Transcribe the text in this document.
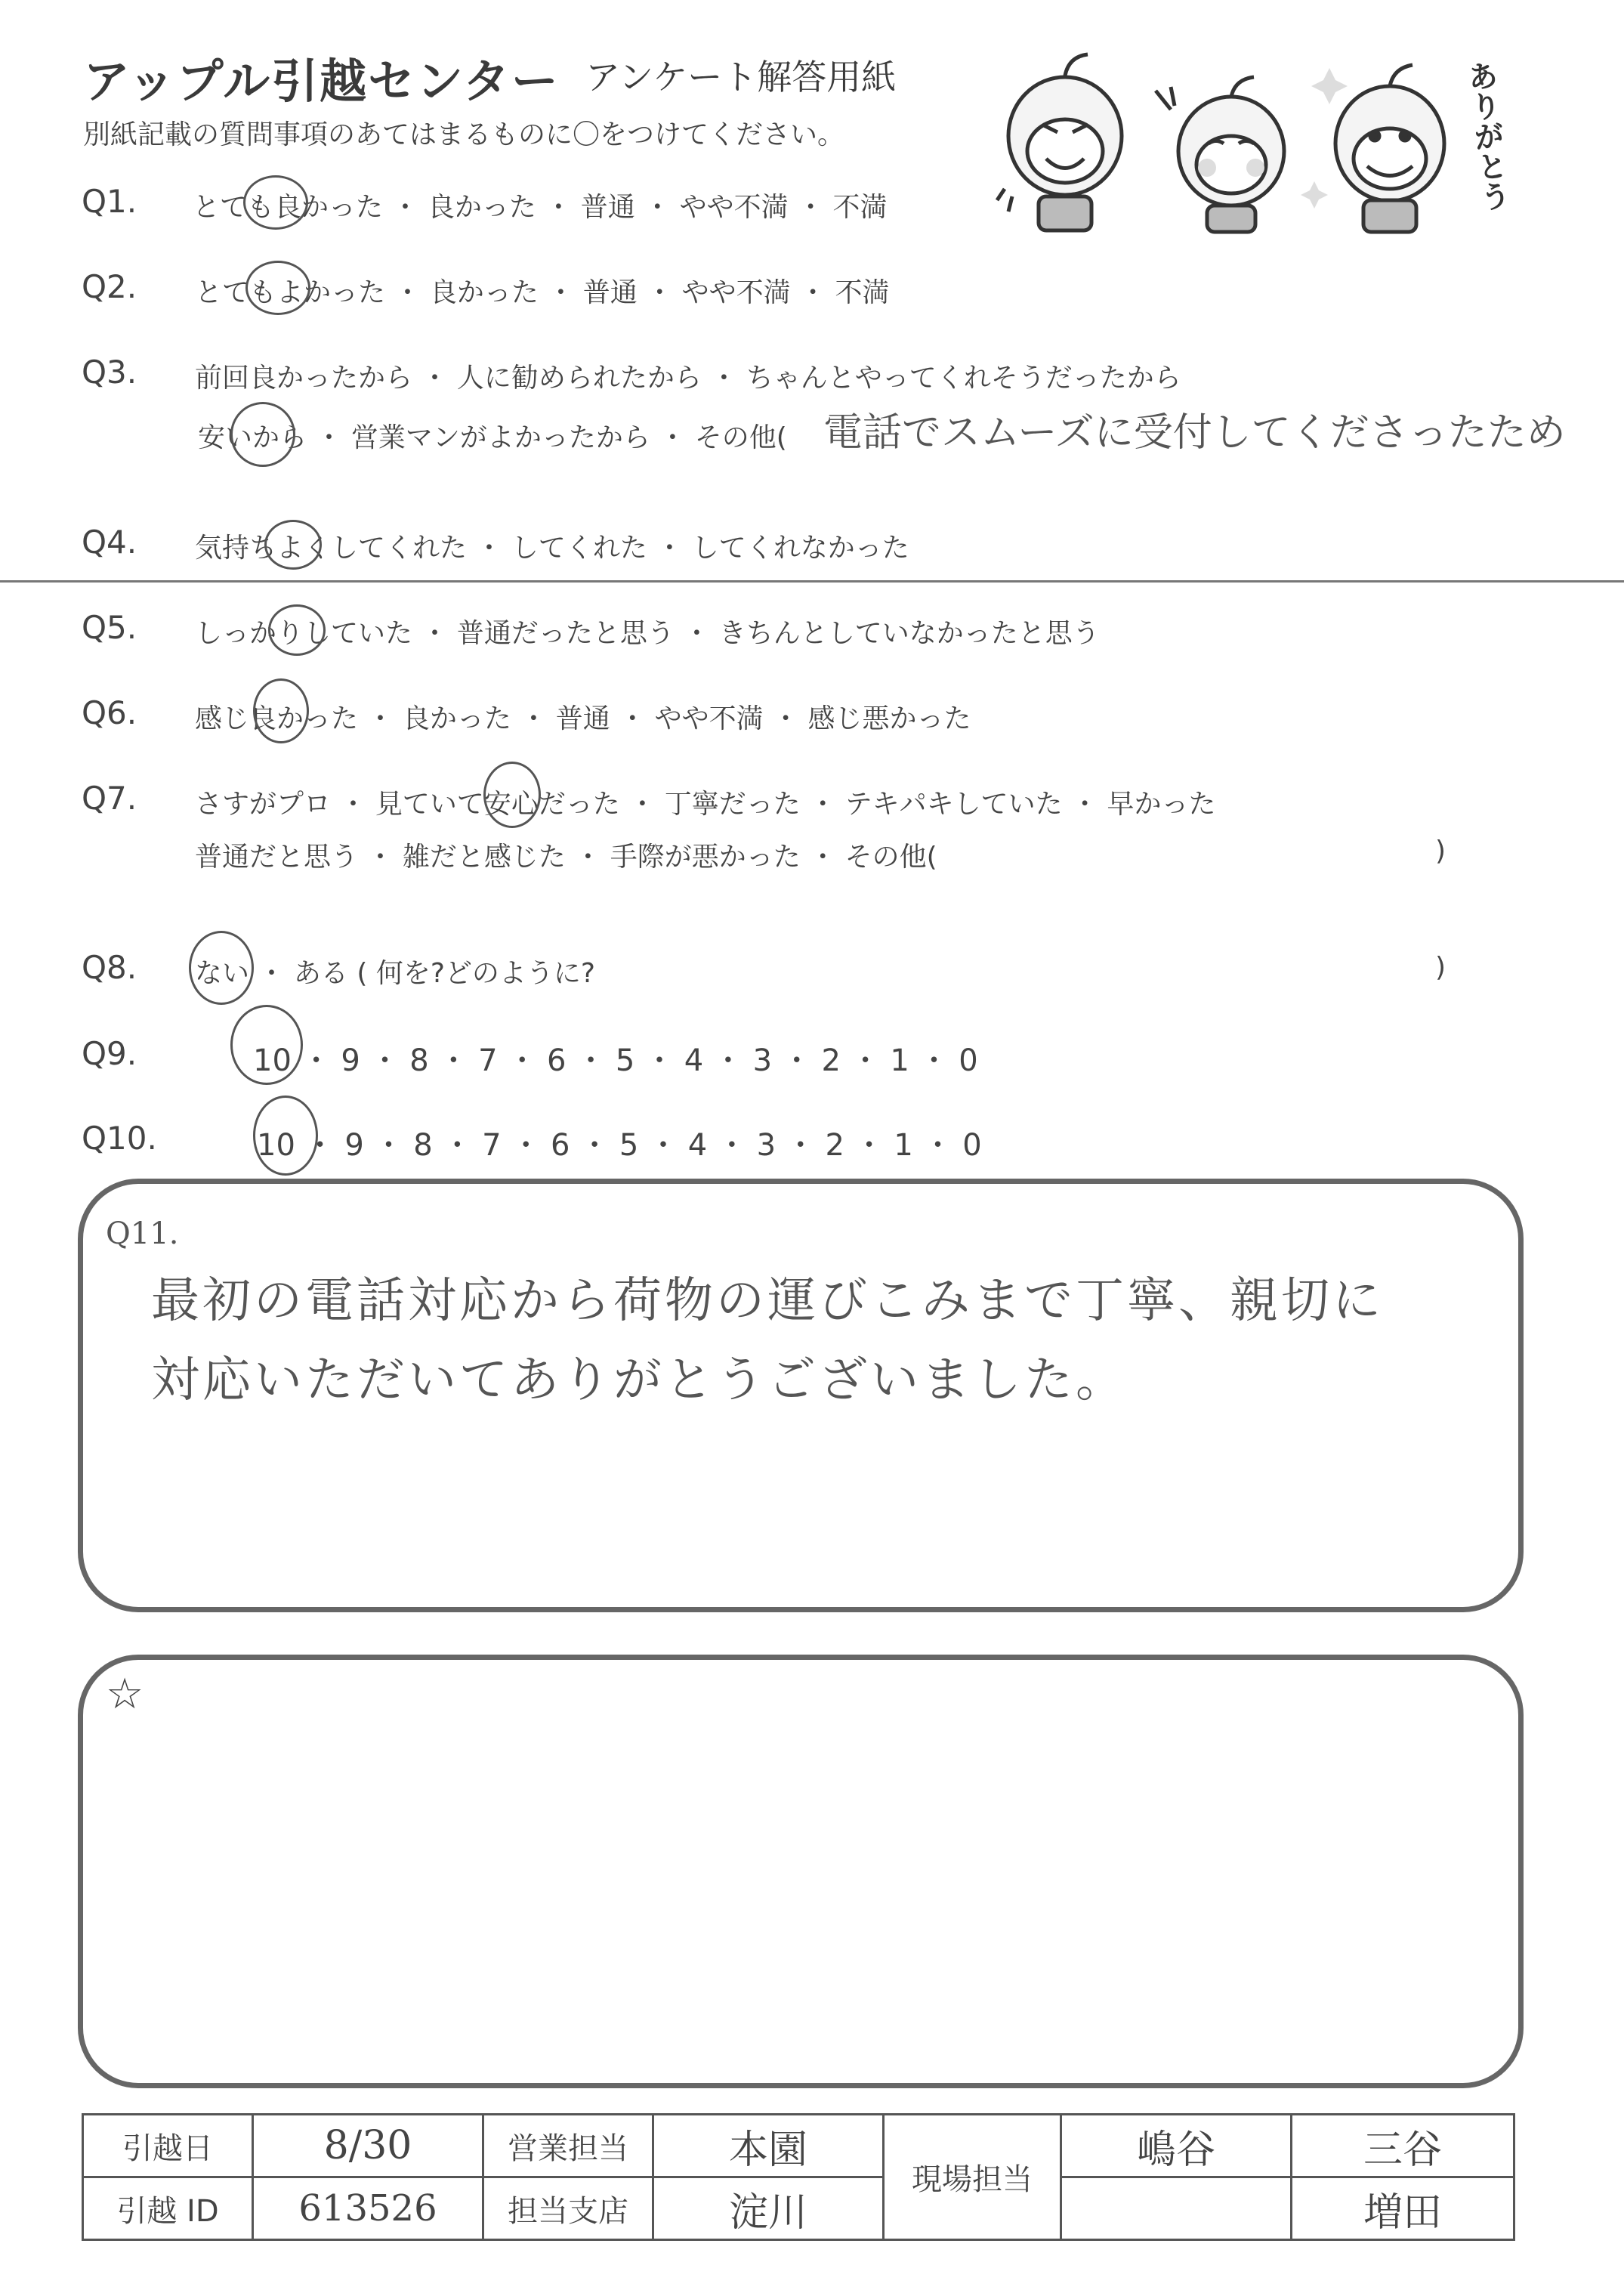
アップル引越センター アンケート解答用紙
別紙記載の質問事項のあてはまるものに〇をつけてください。	ありがとう
Q1. とても良かった ・ 良かった ・ 普通 ・ やや不満 ・ 不満
Q2. とてもよかった ・ 良かった ・ 普通 ・ やや不満 ・ 不満
Q3. 前回良かったから ・ 人に勧められたから ・ ちゃんとやってくれそうだったから
安いから ・ 営業マンがよかったから ・ その他( 電話でスムーズに受付してくださったため
Q4. 気持ちよくしてくれた ・ してくれた ・ してくれなかった
Q5. しっかりしていた ・ 普通だったと思う ・ きちんとしていなかったと思う
Q6. 感じ良かった ・ 良かった ・ 普通 ・ やや不満 ・ 感じ悪かった
Q7. さすがプロ ・ 見ていて安心だった ・ 丁寧だった ・ テキパキしていた ・ 早かった
普通だと思う ・ 雑だと感じた ・ 手際が悪かった ・ その他(	)
Q8. ない ・ ある ( 何を?どのように?	)
Q9.	10 ・ 9 ・ 8 ・ 7 ・ 6 ・ 5 ・ 4 ・ 3 ・ 2 ・ 1 ・ 0
Q10.	10 ・ 9 ・ 8 ・ 7 ・ 6 ・ 5 ・ 4 ・ 3 ・ 2 ・ 1 ・ 0
Q11.
最初の電話対応から荷物の運びこみまで丁寧、親切に
対応いただいてありがとうございました。
☆
引越日	8/30	営業担当	本園	現場担当	嶋谷	三谷
引越 ID	613526	担当支店	淀川			増田
